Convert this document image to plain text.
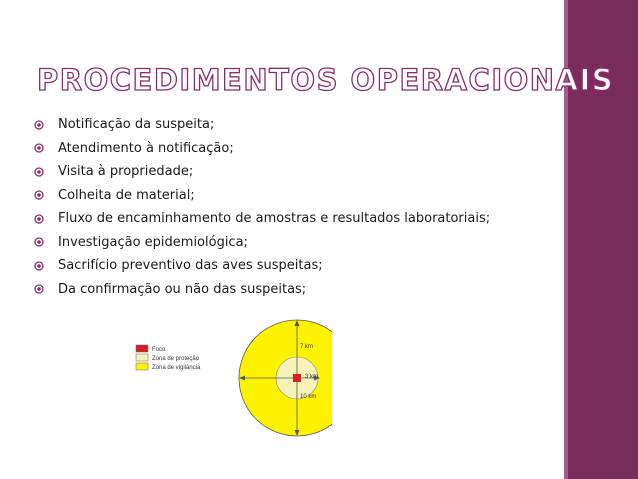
PROCEDIMENTOS OPERACIONAIS
Notificação da suspeita;
Atendimento à notificação;
Visita à propriedade;
Colheita de material;
Fluxo de encaminhamento de amostras e resultados laboratoriais;
Investigação epidemiológica;
Sacrifício preventivo das aves suspeitas;
Da confirmação ou não das suspeitas;
Foco
Zona de proteção
Zona de vigilância
7 km
3 km
10 km
